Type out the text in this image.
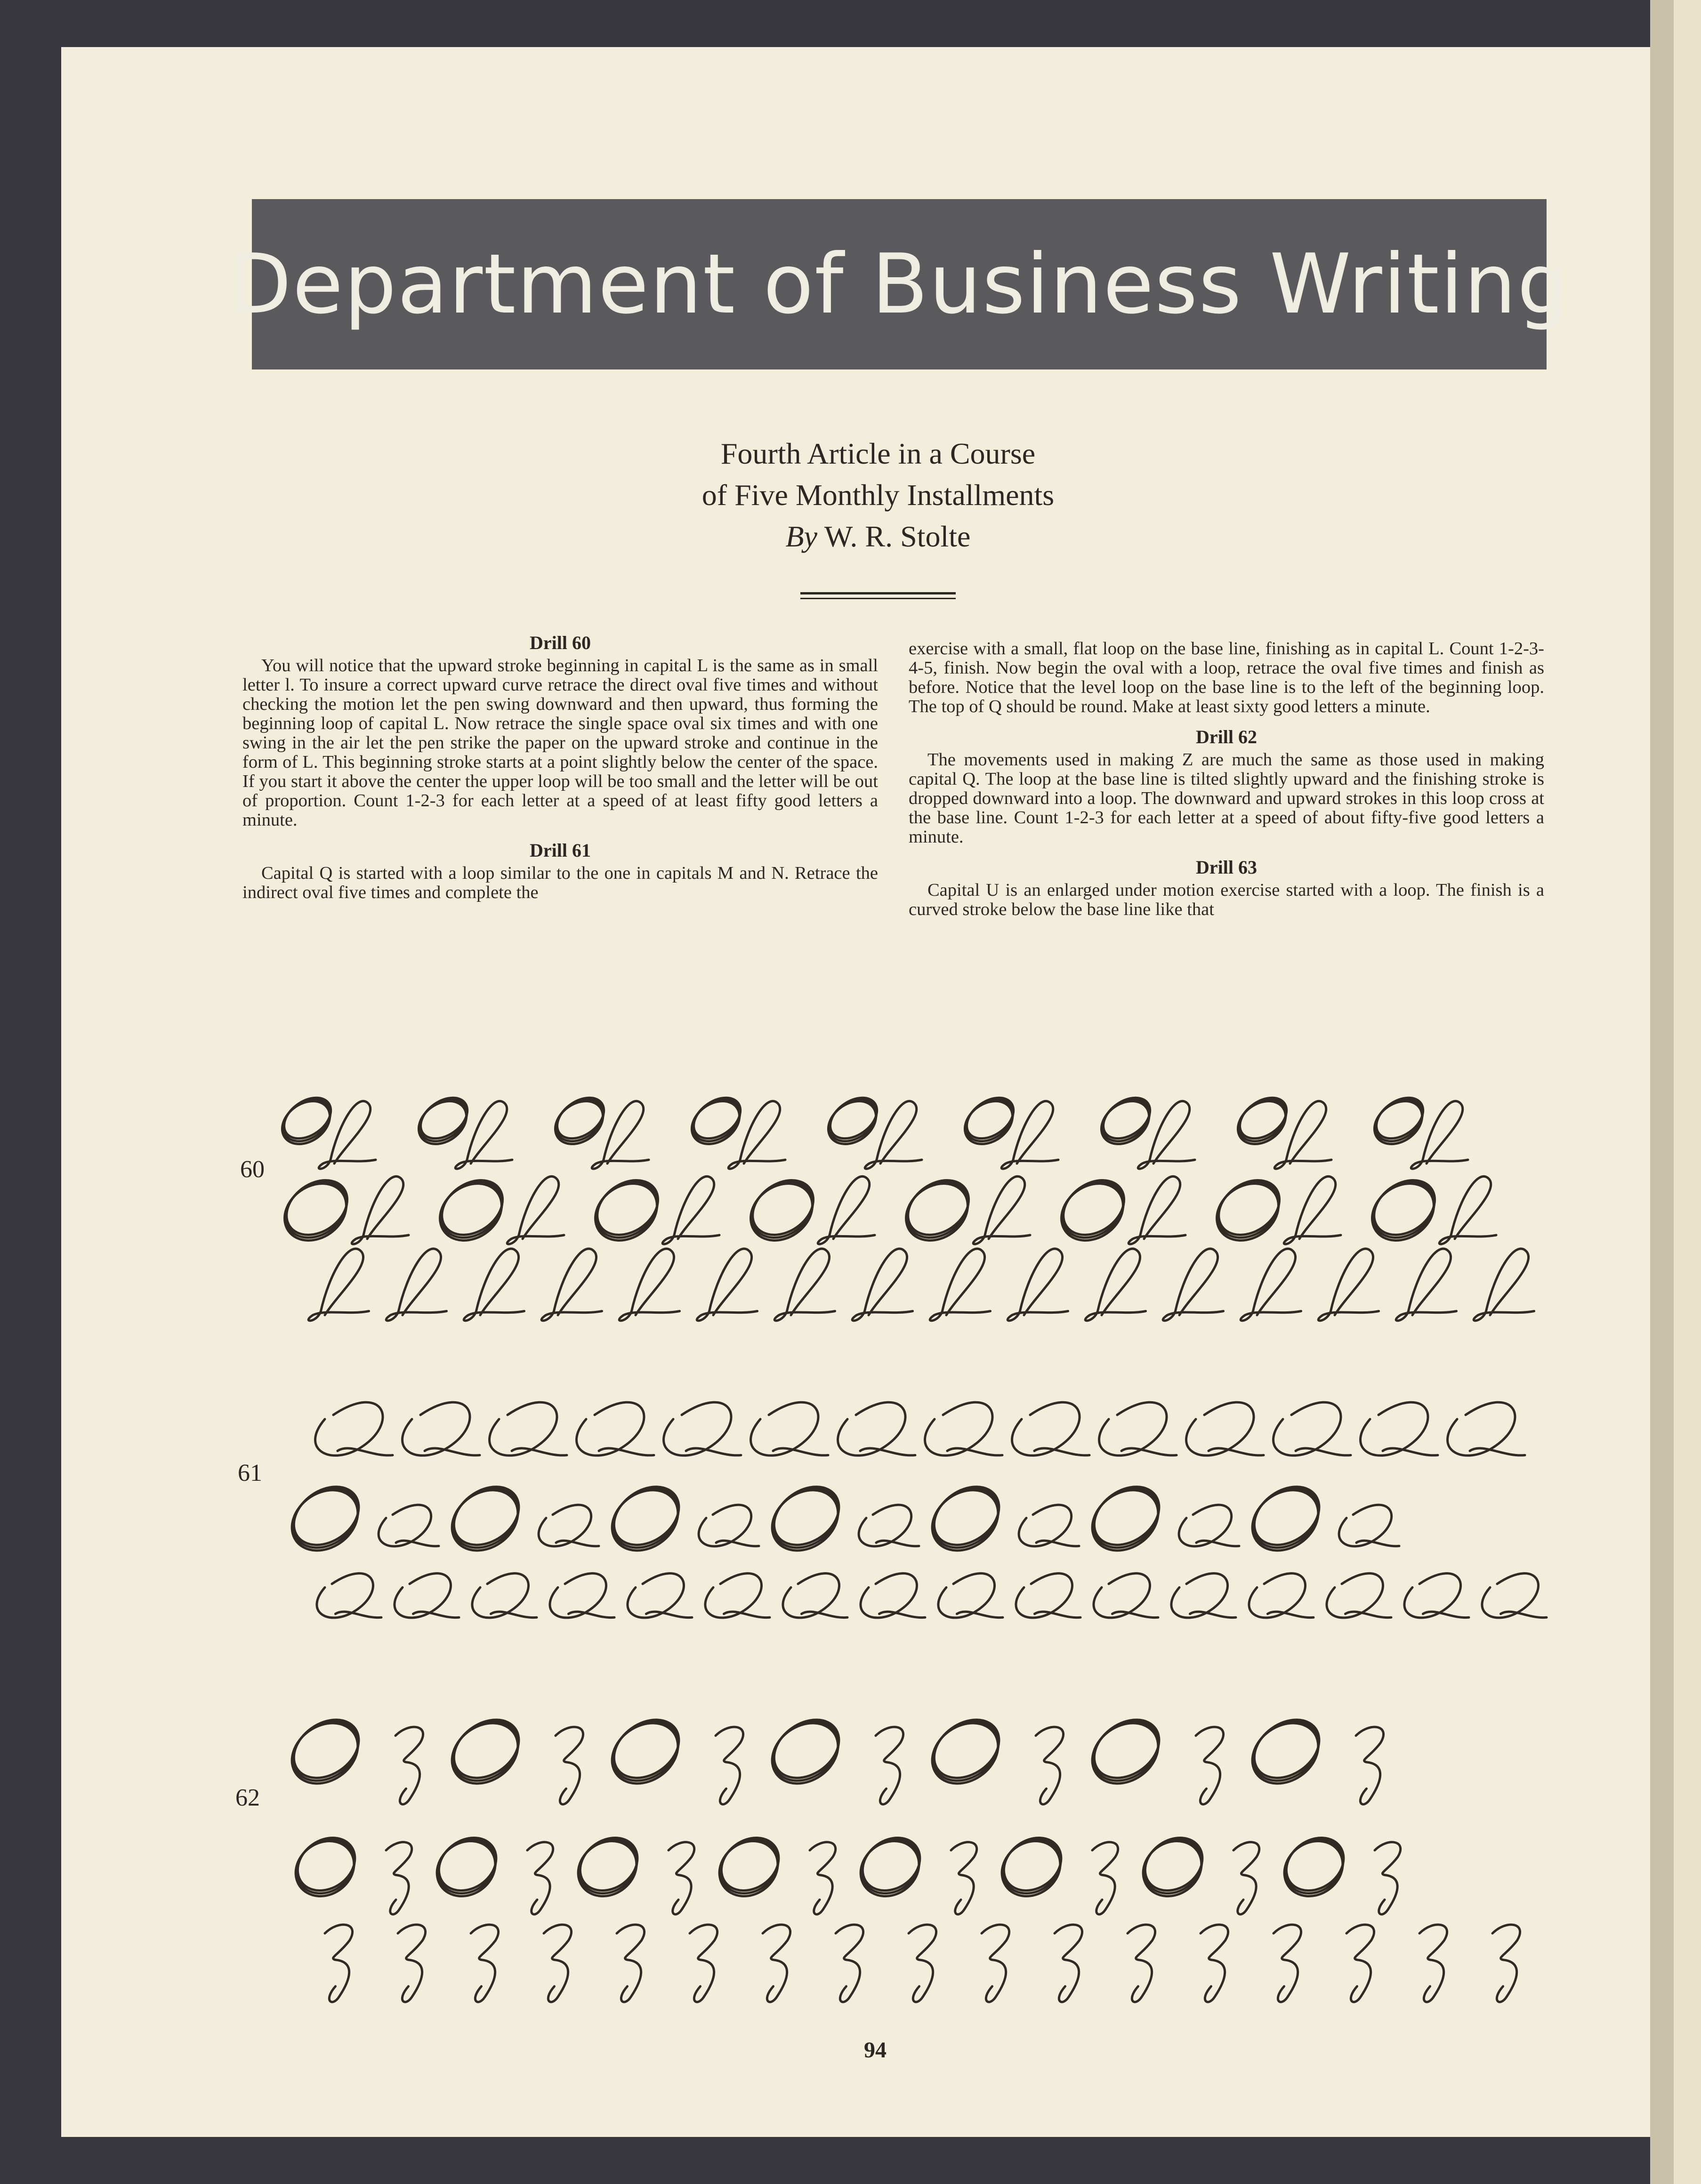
Department of Business Writing
Fourth Article in a Course
of Five Monthly Installments
By W. R. Stolte
Drill 60

You will notice that the upward stroke beginning in capital L is the same as in small letter l. To insure a correct upward curve retrace the direct oval five times and without checking the motion let the pen swing downward and then upward, thus forming the beginning loop of capital L. Now retrace the single space oval six times and with one swing in the air let the pen strike the paper on the upward stroke and continue in the form of L. This beginning stroke starts at a point slightly below the center of the space. If you start it above the center the upper loop will be too small and the letter will be out of proportion. Count 1-2-3 for each letter at a speed of at least fifty good letters a minute.

Drill 61

Capital Q is started with a loop similar to the one in capitals M and N. Retrace the indirect oval five times and complete the

exercise with a small, flat loop on the base line, finishing as in capital L. Count 1-2-3-4-5, finish. Now begin the oval with a loop, retrace the oval five times and finish as before. Notice that the level loop on the base line is to the left of the beginning loop. The top of Q should be round. Make at least sixty good letters a minute.

Drill 62

The movements used in making Z are much the same as those used in making capital Q. The loop at the base line is tilted slightly upward and the finishing stroke is dropped downward into a loop. The downward and upward strokes in this loop cross at the base line. Count 1-2-3 for each letter at a speed of about fifty-five good letters a minute.

Drill 63

Capital U is an enlarged under motion exercise started with a loop. The finish is a curved stroke below the base line like that

60
61
62
94
